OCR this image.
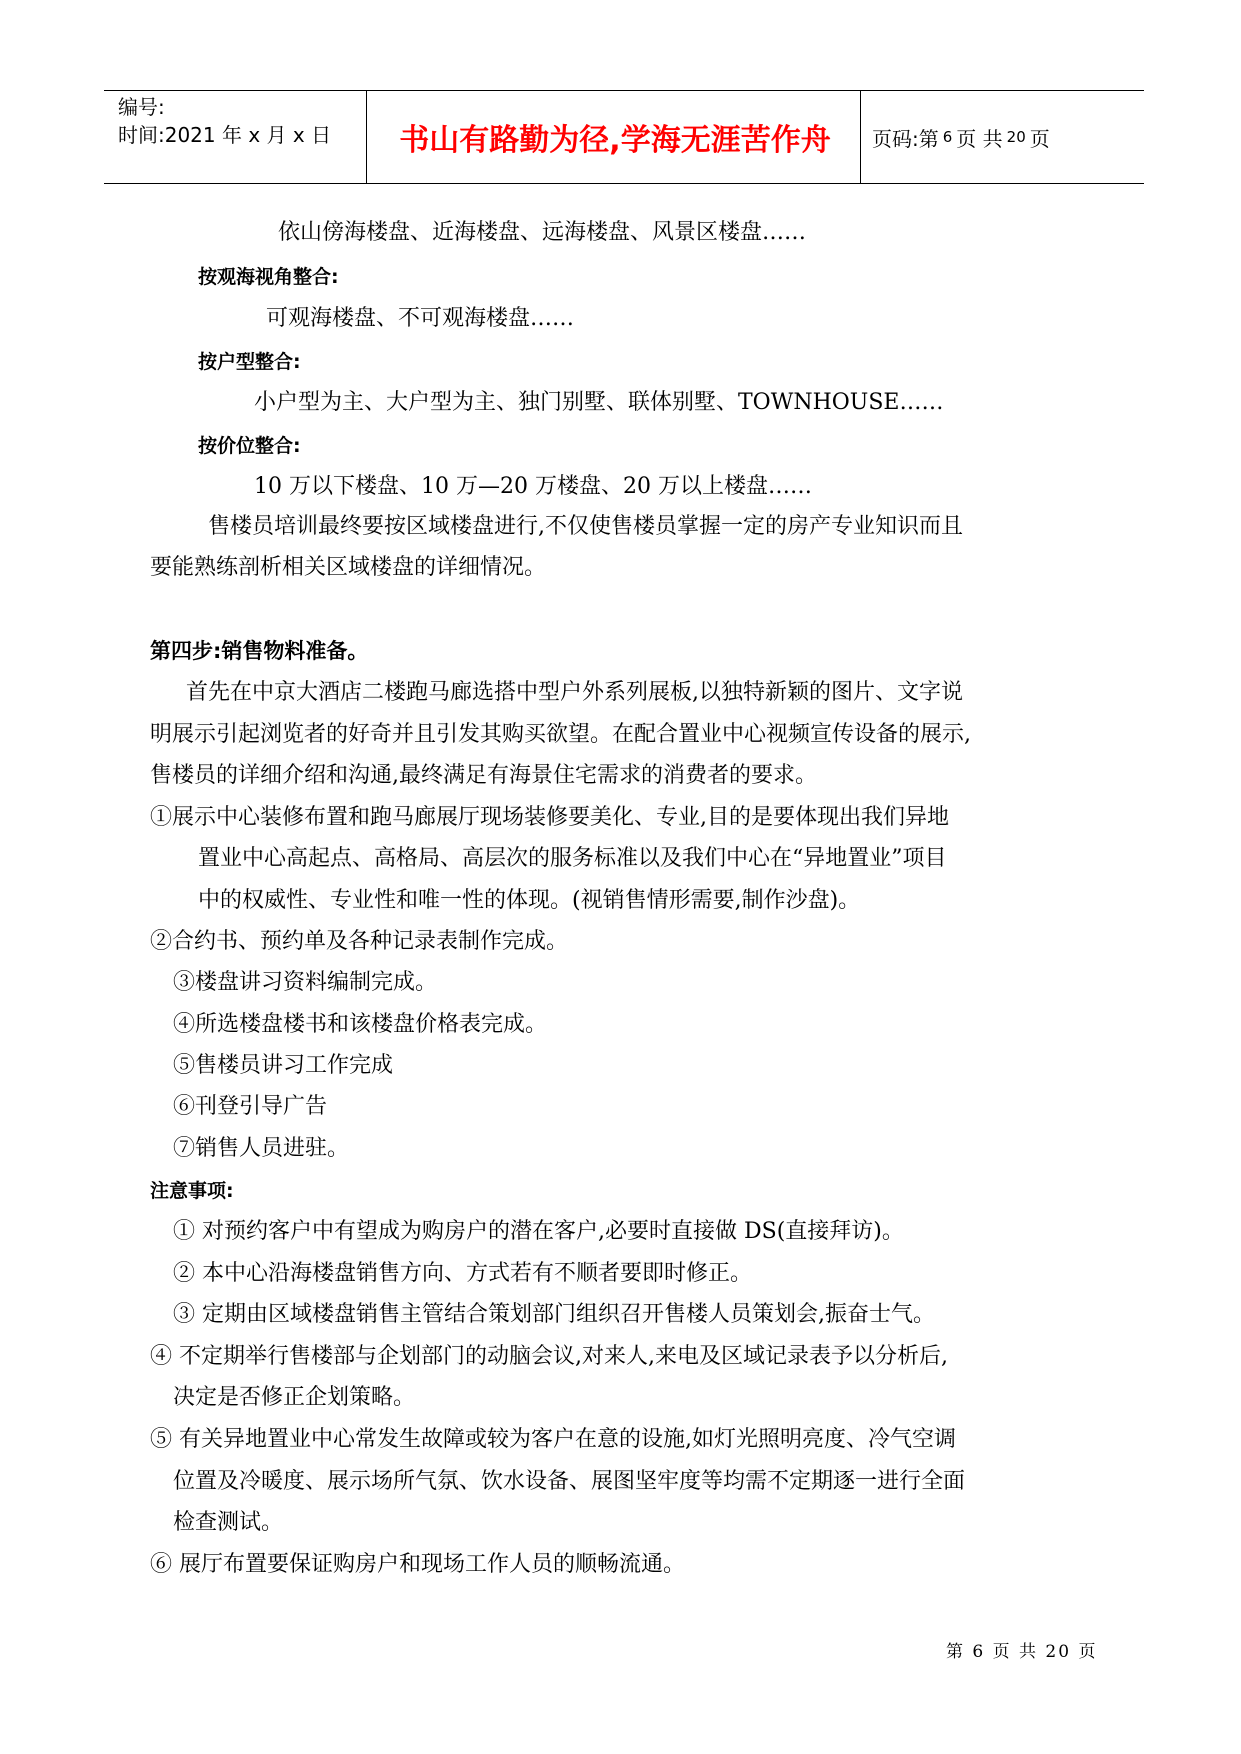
编号:
时间:2021 年 x 月 x 日	书山有路勤为径,学海无涯苦作舟	页码:第 6 页 共 20 页
依山傍海楼盘、近海楼盘、远海楼盘、风景区楼盘……
按观海视角整合:
可观海楼盘、不可观海楼盘……
按户型整合:
小户型为主、大户型为主、独门别墅、联体别墅、TOWNHOUSE……
按价位整合:
10 万以下楼盘、10 万—20 万楼盘、20 万以上楼盘……
售楼员培训最终要按区域楼盘进行,不仅使售楼员掌握一定的房产专业知识而且
要能熟练剖析相关区域楼盘的详细情况。
第四步:销售物料准备。
首先在中京大酒店二楼跑马廊选搭中型户外系列展板,以独特新颖的图片、文字说
明展示引起浏览者的好奇并且引发其购买欲望。在配合置业中心视频宣传设备的展示,
售楼员的详细介绍和沟通,最终满足有海景住宅需求的消费者的要求。
①展示中心装修布置和跑马廊展厅现场装修要美化、专业,目的是要体现出我们异地
置业中心高起点、高格局、高层次的服务标准以及我们中心在“异地置业”项目
中的权威性、专业性和唯一性的体现。(视销售情形需要,制作沙盘)。
②合约书、预约单及各种记录表制作完成。
③楼盘讲习资料编制完成。
④所选楼盘楼书和该楼盘价格表完成。
⑤售楼员讲习工作完成
⑥刊登引导广告
⑦销售人员进驻。
注意事项:
① 对预约客户中有望成为购房户的潜在客户,必要时直接做 DS(直接拜访)。
② 本中心沿海楼盘销售方向、方式若有不顺者要即时修正。
③ 定期由区域楼盘销售主管结合策划部门组织召开售楼人员策划会,振奋士气。
④ 不定期举行售楼部与企划部门的动脑会议,对来人,来电及区域记录表予以分析后,
决定是否修正企划策略。
⑤ 有关异地置业中心常发生故障或较为客户在意的设施,如灯光照明亮度、冷气空调
位置及冷暖度、展示场所气氛、饮水设备、展图坚牢度等均需不定期逐一进行全面
检查测试。
⑥ 展厅布置要保证购房户和现场工作人员的顺畅流通。
第 6 页 共 20 页
